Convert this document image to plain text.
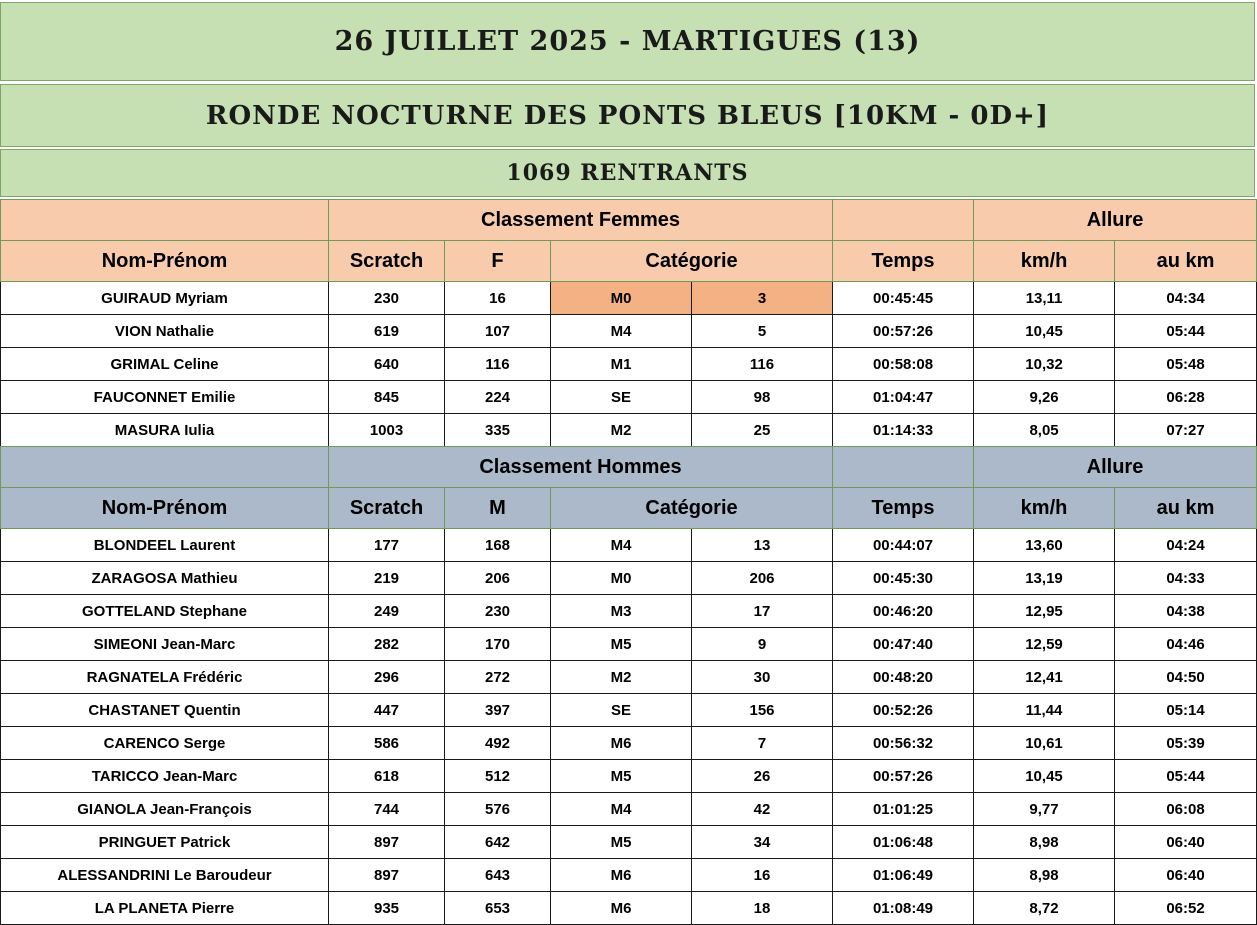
26 JUILLET 2025 - MARTIGUES (13)
RONDE NOCTURNE DES PONTS BLEUS [10KM - 0D+]
1069 RENTRANTS
	Classement Femmes					Allure	
Nom-Prénom	Scratch	F	Catégorie		Temps	km/h	au km
GUIRAUD Myriam	230	16	M0	3	00:45:45	13,11	04:34
VION Nathalie	619	107	M4	5	00:57:26	10,45	05:44
GRIMAL Celine	640	116	M1	116	00:58:08	10,32	05:48
FAUCONNET Emilie	845	224	SE	98	01:04:47	9,26	06:28
MASURA Iulia	1003	335	M2	25	01:14:33	8,05	07:27
	Classement Hommes					Allure	
Nom-Prénom	Scratch	M	Catégorie		Temps	km/h	au km
BLONDEEL Laurent	177	168	M4	13	00:44:07	13,60	04:24
ZARAGOSA Mathieu	219	206	M0	206	00:45:30	13,19	04:33
GOTTELAND Stephane	249	230	M3	17	00:46:20	12,95	04:38
SIMEONI Jean-Marc	282	170	M5	9	00:47:40	12,59	04:46
RAGNATELA Frédéric	296	272	M2	30	00:48:20	12,41	04:50
CHASTANET Quentin	447	397	SE	156	00:52:26	11,44	05:14
CARENCO Serge	586	492	M6	7	00:56:32	10,61	05:39
TARICCO Jean-Marc	618	512	M5	26	00:57:26	10,45	05:44
GIANOLA Jean-François	744	576	M4	42	01:01:25	9,77	06:08
PRINGUET Patrick	897	642	M5	34	01:06:48	8,98	06:40
ALESSANDRINI Le Baroudeur	897	643	M6	16	01:06:49	8,98	06:40
LA PLANETA Pierre	935	653	M6	18	01:08:49	8,72	06:52
